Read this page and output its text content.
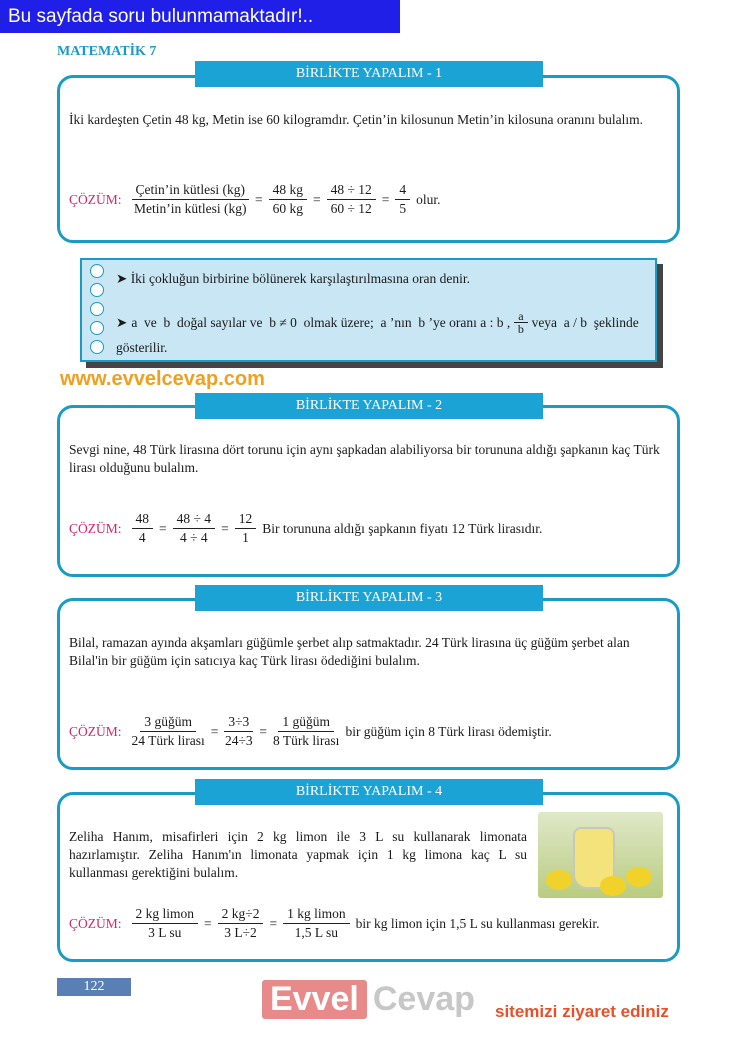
Bu sayfada soru bulunmamaktadır!..
MATEMATİK 7
BİRLİKTE YAPALIM - 1
İki kardeşten Çetin 48 kg, Metin ise 60 kilogramdır. Çetin’in kilosunun Metin’in kilosuna oranını bulalım.
ÇÖZÜM:
Çetin’in kütlesi (kg)
Metin’in kütlesi (kg)
= $\frac{48 kg}{60 kg} = \frac{48 \div 12}{60 \div 12} = \frac{4}{5}$ olur.
➤ İki çokluğun birbirine bölünerek karşılaştırılmasına oran denir.
➤ a  ve  b  doğal sayılar ve  b ≠ 0  olmak üzere;  a ’nın  b ’ye oranı a : b , a
b veya  a / b  şeklinde
gösterilir.
www.evvelcevap.com
BİRLİKTE YAPALIM - 2
Sevgi nine, 48 Türk lirasına dört torunu için aynı şapkadan alabiliyorsa bir torununa aldığı şapkanın kaç Türk lirası olduğunu bulalım.
ÇÖZÜM: $\frac{48}{4} = \frac{48 \div 4}{4 \div 4} = \frac{12}{1}$ Bir torununa aldığı şapkanın fiyatı 12 Türk lirasıdır.
BİRLİKTE YAPALIM - 3
Bilal, ramazan ayında akşamları güğümle şerbet alıp satmaktadır. 24 Türk lirasına üç güğüm şerbet alan Bilal'in bir güğüm için satıcıya kaç Türk lirası ödediğini bulalım.
ÇÖZÜM:
3 güğüm
24 Türk lirası
= $\frac{3\div 3}{24\div 3}$ =
1 güğüm
8 Türk lirası
bir güğüm için 8 Türk lirası ödemiştir.
BİRLİKTE YAPALIM - 4
Zeliha Hanım, misafirleri için 2 kg limon ile 3 L su kullanarak limonata hazırlamıştır. Zeliha Hanım'ın limonata yapmak için 1 kg limona kaç L su kullanması gerektiğini bulalım.
ÇÖZÜM: $\frac{\text{2 kg limon}}{\text{3 L su}} = \frac{2 kg\div 2}{3 L\div 2} = \frac{\text{1 kg limon}}{\text{1,5 L su}}$ bir kg limon için 1,5 L su kullanması gerekir.
122	Evvel Cevap sitemizi ziyaret ediniz
